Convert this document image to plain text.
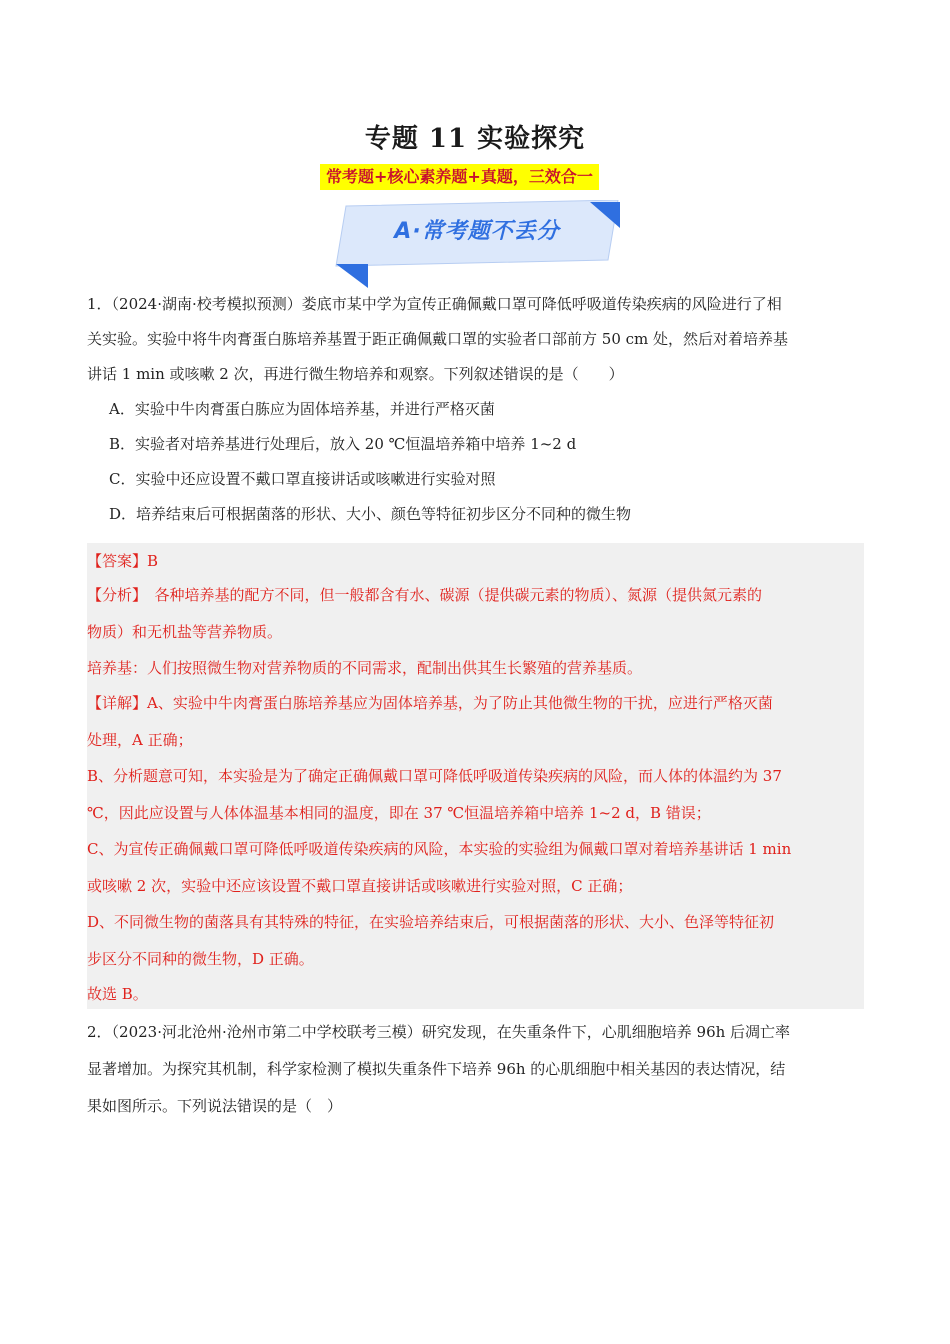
专题 11 实验探究
常考题+核心素养题+真题，三效合一
A·常考题不丢分
1．（2024·湖南·校考模拟预测）娄底市某中学为宣传正确佩戴口罩可降低呼吸道传染疾病的风险进行了相
关实验。实验中将牛肉膏蛋白胨培养基置于距正确佩戴口罩的实验者口部前方 50 cm 处，然后对着培养基
讲话 1 min 或咳嗽 2 次，再进行微生物培养和观察。下列叙述错误的是（　　）
A．实验中牛肉膏蛋白胨应为固体培养基，并进行严格灭菌
B．实验者对培养基进行处理后，放入 20 ℃恒温培养箱中培养 1~2 d
C．实验中还应设置不戴口罩直接讲话或咳嗽进行实验对照
D．培养结束后可根据菌落的形状、大小、颜色等特征初步区分不同种的微生物
【答案】B
【分析】　各种培养基的配方不同，但一般都含有水、碳源（提供碳元素的物质）、氮源（提供氮元素的
物质）和无机盐等营养物质。
培养基：人们按照微生物对营养物质的不同需求，配制出供其生长繁殖的营养基质。
【详解】A、实验中牛肉膏蛋白胨培养基应为固体培养基，为了防止其他微生物的干扰，应进行严格灭菌
处理，A 正确；
B、分析题意可知，本实验是为了确定正确佩戴口罩可降低呼吸道传染疾病的风险，而人体的体温约为 37
℃，因此应设置与人体体温基本相同的温度，即在 37 ℃恒温培养箱中培养 1~2 d，B 错误；
C、为宣传正确佩戴口罩可降低呼吸道传染疾病的风险，本实验的实验组为佩戴口罩对着培养基讲话 1 min
或咳嗽 2 次，实验中还应该设置不戴口罩直接讲话或咳嗽进行实验对照，C 正确；
D、不同微生物的菌落具有其特殊的特征，在实验培养结束后，可根据菌落的形状、大小、色泽等特征初
步区分不同种的微生物，D 正确。
故选 B。
2．（2023·河北沧州·沧州市第二中学校联考三模）研究发现，在失重条件下，心肌细胞培养 96h 后凋亡率
显著增加。为探究其机制，科学家检测了模拟失重条件下培养 96h 的心肌细胞中相关基因的表达情况，结
果如图所示。下列说法错误的是（　）
